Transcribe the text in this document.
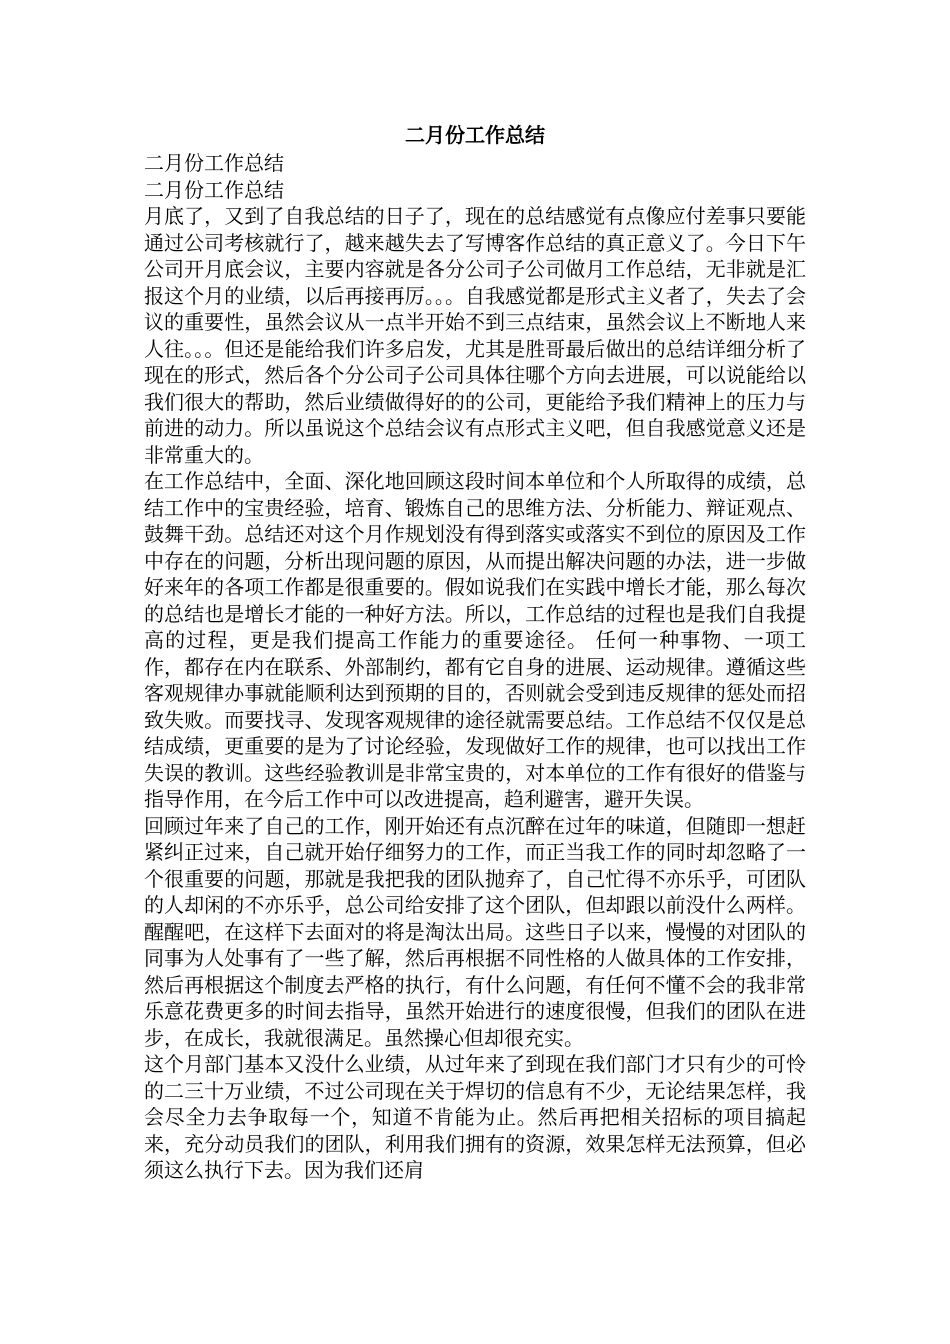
二月份工作总结

二月份工作总结

二月份工作总结

月底了，又到了自我总结的日子了，现在的总结感觉有点像应付差事只要能通过公司考核就行了，越来越失去了写博客作总结的真正意义了。今日下午公司开月底会议，主要内容就是各分公司子公司做月工作总结，无非就是汇报这个月的业绩，以后再接再厉。。。自我感觉都是形式主义者了，失去了会议的重要性，虽然会议从一点半开始不到三点结束，虽然会议上不断地人来人往。。。但还是能给我们许多启发，尤其是胜哥最后做出的总结详细分析了现在的形式，然后各个分公司子公司具体往哪个方向去进展，可以说能给以我们很大的帮助，然后业绩做得好的的公司，更能给予我们精神上的压力与前进的动力。所以虽说这个总结会议有点形式主义吧，但自我感觉意义还是非常重大的。

在工作总结中，全面、深化地回顾这段时间本单位和个人所取得的成绩，总结工作中的宝贵经验，培育、锻炼自己的思维方法、分析能力、辩证观点、鼓舞干劲。总结还对这个月作规划没有得到落实或落实不到位的原因及工作中存在的问题，分析出现问题的原因，从而提出解决问题的办法，进一步做好来年的各项工作都是很重要的。假如说我们在实践中增长才能，那么每次的总结也是增长才能的一种好方法。所以，工作总结的过程也是我们自我提高的过程，更是我们提高工作能力的重要途径。 任何一种事物、一项工作，都存在内在联系、外部制约，都有它自身的进展、运动规律。遵循这些客观规律办事就能顺利达到预期的目的，否则就会受到违反规律的惩处而招致失败。而要找寻、发现客观规律的途径就需要总结。工作总结不仅仅是总结成绩，更重要的是为了讨论经验，发现做好工作的规律，也可以找出工作失误的教训。这些经验教训是非常宝贵的，对本单位的工作有很好的借鉴与指导作用，在今后工作中可以改进提高，趋利避害，避开失误。

回顾过年来了自己的工作，刚开始还有点沉醉在过年的味道，但随即一想赶紧纠正过来，自己就开始仔细努力的工作，而正当我工作的同时却忽略了一个很重要的问题，那就是我把我的团队抛弃了，自己忙得不亦乐乎，可团队的人却闲的不亦乐乎，总公司给安排了这个团队，但却跟以前没什么两样。醒醒吧，在这样下去面对的将是淘汰出局。这些日子以来，慢慢的对团队的同事为人处事有了一些了解，然后再根据不同性格的人做具体的工作安排，然后再根据这个制度去严格的执行，有什么问题，有任何不懂不会的我非常乐意花费更多的时间去指导，虽然开始进行的速度很慢，但我们的团队在进步，在成长，我就很满足。虽然操心但却很充实。

这个月部门基本又没什么业绩，从过年来了到现在我们部门才只有少的可怜的二三十万业绩，不过公司现在关于焊切的信息有不少，无论结果怎样，我会尽全力去争取每一个，知道不肯能为止。然后再把相关招标的项目搞起来，充分动员我们的团队，利用我们拥有的资源，效果怎样无法预算，但必须这么执行下去。因为我们还肩
